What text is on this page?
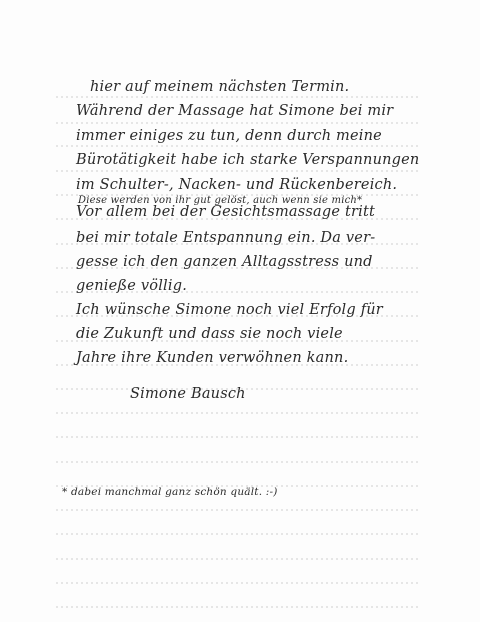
hier auf meinem nächsten Termin.
Während der Massage hat Simone bei mir
immer einiges zu tun, denn durch meine
Bürotätigkeit habe ich starke Verspannungen
im Schulter-, Nacken- und Rückenbereich.
Diese werden von ihr gut gelöst, auch wenn sie mich*
Vor allem bei der Gesichtsmassage tritt
bei mir totale Entspannung ein. Da ver-
gesse ich den ganzen Alltagsstress und
genieße völlig.
Ich wünsche Simone noch viel Erfolg für
die Zukunft und dass sie noch viele
Jahre ihre Kunden verwöhnen kann.
Simone Bausch
* dabei manchmal ganz schön quält. :-)
